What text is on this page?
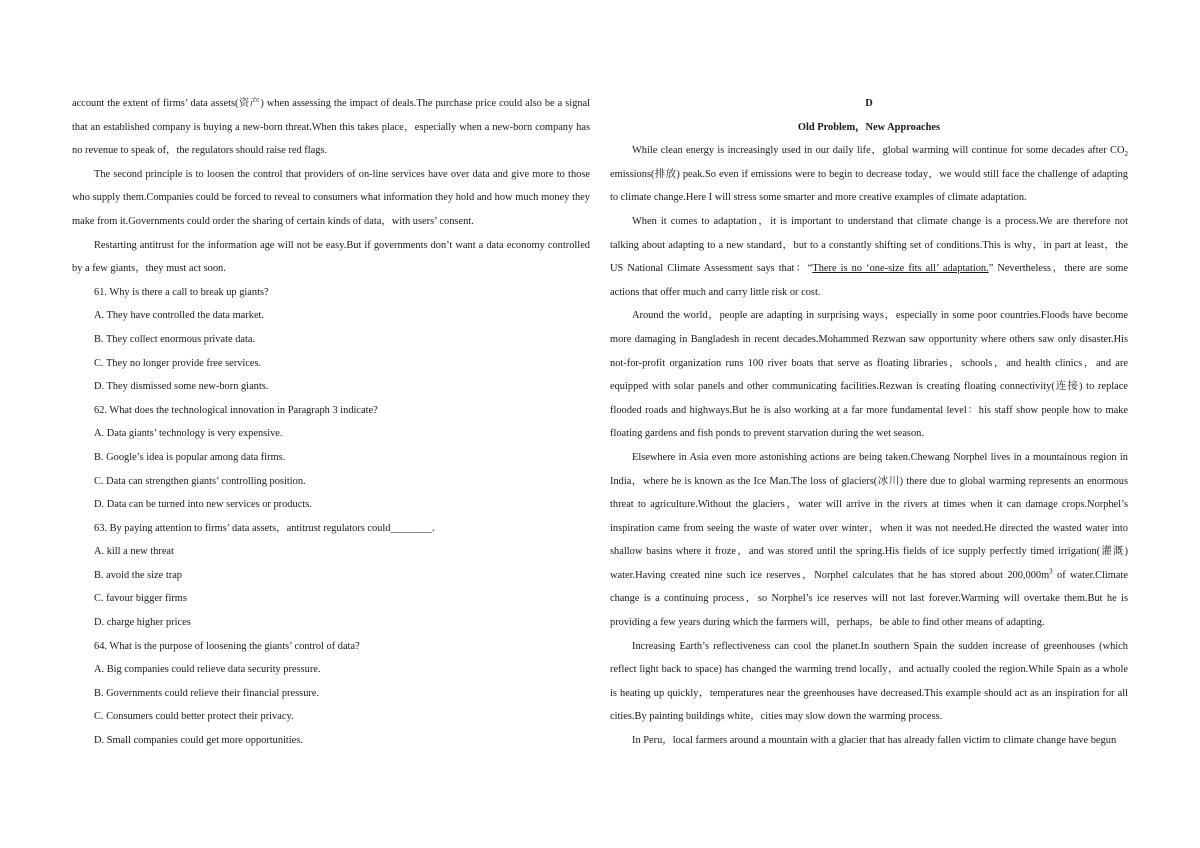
account the extent of firms’ data assets(资产) when assessing the impact of deals.The purchase price could also be a signal that an established company is buying a new-born threat.When this takes place，especially when a new-born company has no revenue to speak of，the regulators should raise red flags.

The second principle is to loosen the control that providers of on-line services have over data and give more to those who supply them.Companies could be forced to reveal to consumers what information they hold and how much money they make from it.Governments could order the sharing of certain kinds of data，with users’ consent.

Restarting antitrust for the information age will not be easy.But if governments don’t want a data economy controlled by a few giants，they must act soon.

61. Why is there a call to break up giants?

A. They have controlled the data market.

B. They collect enormous private data.

C. They no longer provide free services.

D. They dismissed some new-born giants.

62. What does the technological innovation in Paragraph 3 indicate?

A. Data giants’ technology is very expensive.

B. Google’s idea is popular among data firms.

C. Data can strengthen giants’ controlling position.

D. Data can be turned into new services or products.

63. By paying attention to firms’ data assets，antitrust regulators could________.

A. kill a new threat

B. avoid the size trap

C. favour bigger firms

D. charge higher prices

64. What is the purpose of loosening the giants’ control of data?

A. Big companies could relieve data security pressure.

B. Governments could relieve their financial pressure.

C. Consumers could better protect their privacy.

D. Small companies could get more opportunities.

D

Old Problem，New Approaches

While clean energy is increasingly used in our daily life，global warming will continue for some decades after $CO_2$ emissions(排放) peak.So even if emissions were to begin to decrease today，we would still face the challenge of adapting to climate change.Here I will stress some smarter and more creative examples of climate adaptation.

When it comes to adaptation，it is important to understand that climate change is a process.We are therefore not talking about adapting to a new standard，but to a constantly shifting set of conditions.This is why，in part at least，the US National Climate Assessment says that：“There is no ‘one-size fits all’ adaptation.” Nevertheless，there are some actions that offer much and carry little risk or cost.

Around the world，people are adapting in surprising ways，especially in some poor countries.Floods have become more damaging in Bangladesh in recent decades.Mohammed Rezwan saw opportunity where others saw only disaster.His not-for-profit organization runs 100 river boats that serve as floating libraries，schools，and health clinics，and are equipped with solar panels and other communicating facilities.Rezwan is creating floating connectivity(连接) to replace flooded roads and highways.But he is also working at a far more fundamental level：his staff show people how to make floating gardens and fish ponds to prevent starvation during the wet season.

Elsewhere in Asia even more astonishing actions are being taken.Chewang Norphel lives in a mountainous region in India，where he is known as the Ice Man.The loss of glaciers(冰川) there due to global warming represents an enormous threat to agriculture.Without the glaciers，water will arrive in the rivers at times when it can damage crops.Norphel’s inspiration came from seeing the waste of water over winter，when it was not needed.He directed the wasted water into shallow basins where it froze，and was stored until the spring.His fields of ice supply perfectly timed irrigation(灌溉) water.Having created nine such ice reserves，Norphel calculates that he has stored about $200,000m^3$ of water.Climate change is a continuing process，so Norphel’s ice reserves will not last forever.Warming will overtake them.But he is providing a few years during which the farmers will，perhaps，be able to find other means of adapting.

Increasing Earth’s reflectiveness can cool the planet.In southern Spain the sudden increase of greenhouses (which reflect light back to space) has changed the warming trend locally，and actually cooled the region.While Spain as a whole is heating up quickly，temperatures near the greenhouses have decreased.This example should act as an inspiration for all cities.By painting buildings white，cities may slow down the warming process.

In Peru，local farmers around a mountain with a glacier that has already fallen victim to climate change have begun
